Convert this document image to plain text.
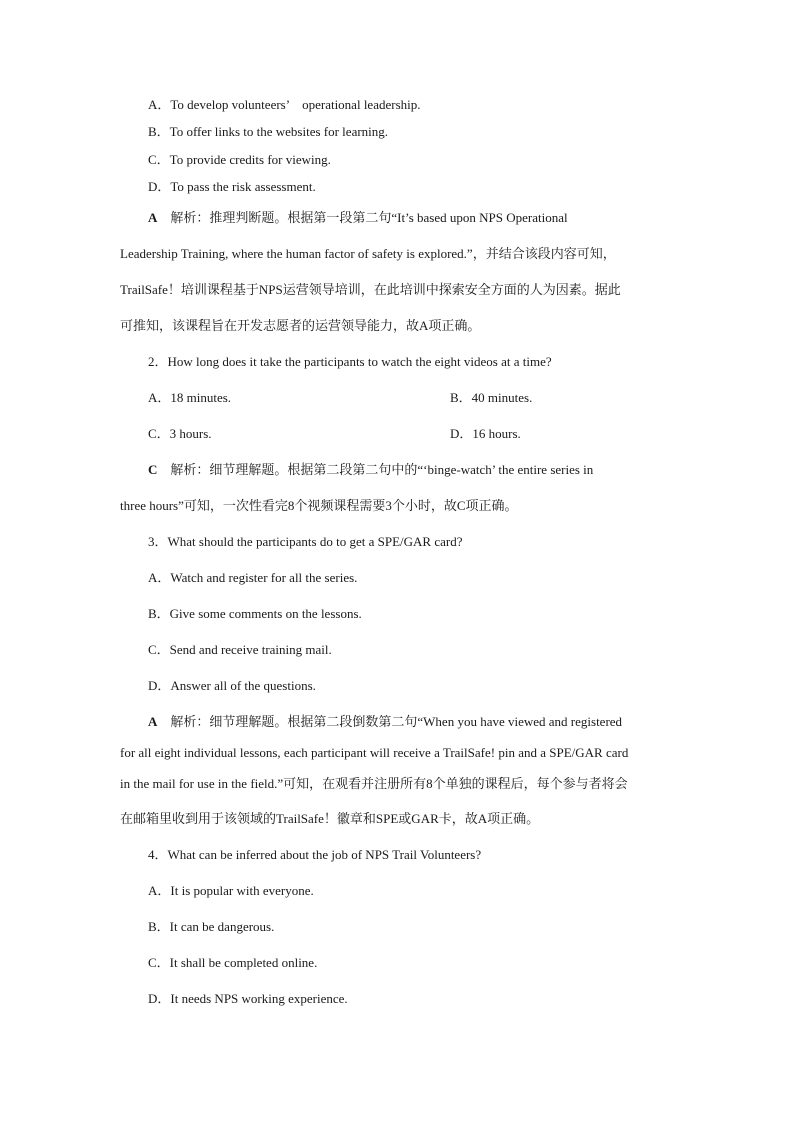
A．To develop volunteers’　operational leadership.
B．To offer links to the websites for learning.
C．To provide credits for viewing.
D．To pass the risk assessment.
A 　解析：推理判断题。根据第一段第二句“It’s based upon NPS Operational
Leadership Training, where the human factor of safety is explored.”，并结合该段内容可知，
TrailSafe！培训课程基于NPS运营领导培训，在此培训中探索安全方面的人为因素。据此
可推知，该课程旨在开发志愿者的运营领导能力，故A项正确。
2．How long does it take the participants to watch the eight videos at a time?
A．18 minutes.	B．40 minutes.
C．3 hours.	D．16 hours.
C 　解析：细节理解题。根据第二段第二句中的“‘binge-watch’ the entire series in
three hours”可知，一次性看完8个视频课程需要3个小时，故C项正确。
3．What should the participants do to get a SPE/GAR card?
A．Watch and register for all the series.
B．Give some comments on the lessons.
C．Send and receive training mail.
D．Answer all of the questions.
A 　解析：细节理解题。根据第二段倒数第二句“When you have viewed and registered
for all eight individual lessons, each participant will receive a TrailSafe! pin and a SPE/GAR card
in the mail for use in the field.”可知，在观看并注册所有8个单独的课程后，每个参与者将会
在邮箱里收到用于该领域的TrailSafe！徽章和SPE或GAR卡，故A项正确。
4．What can be inferred about the job of NPS Trail Volunteers?
A．It is popular with everyone.
B．It can be dangerous.
C．It shall be completed online.
D．It needs NPS working experience.
